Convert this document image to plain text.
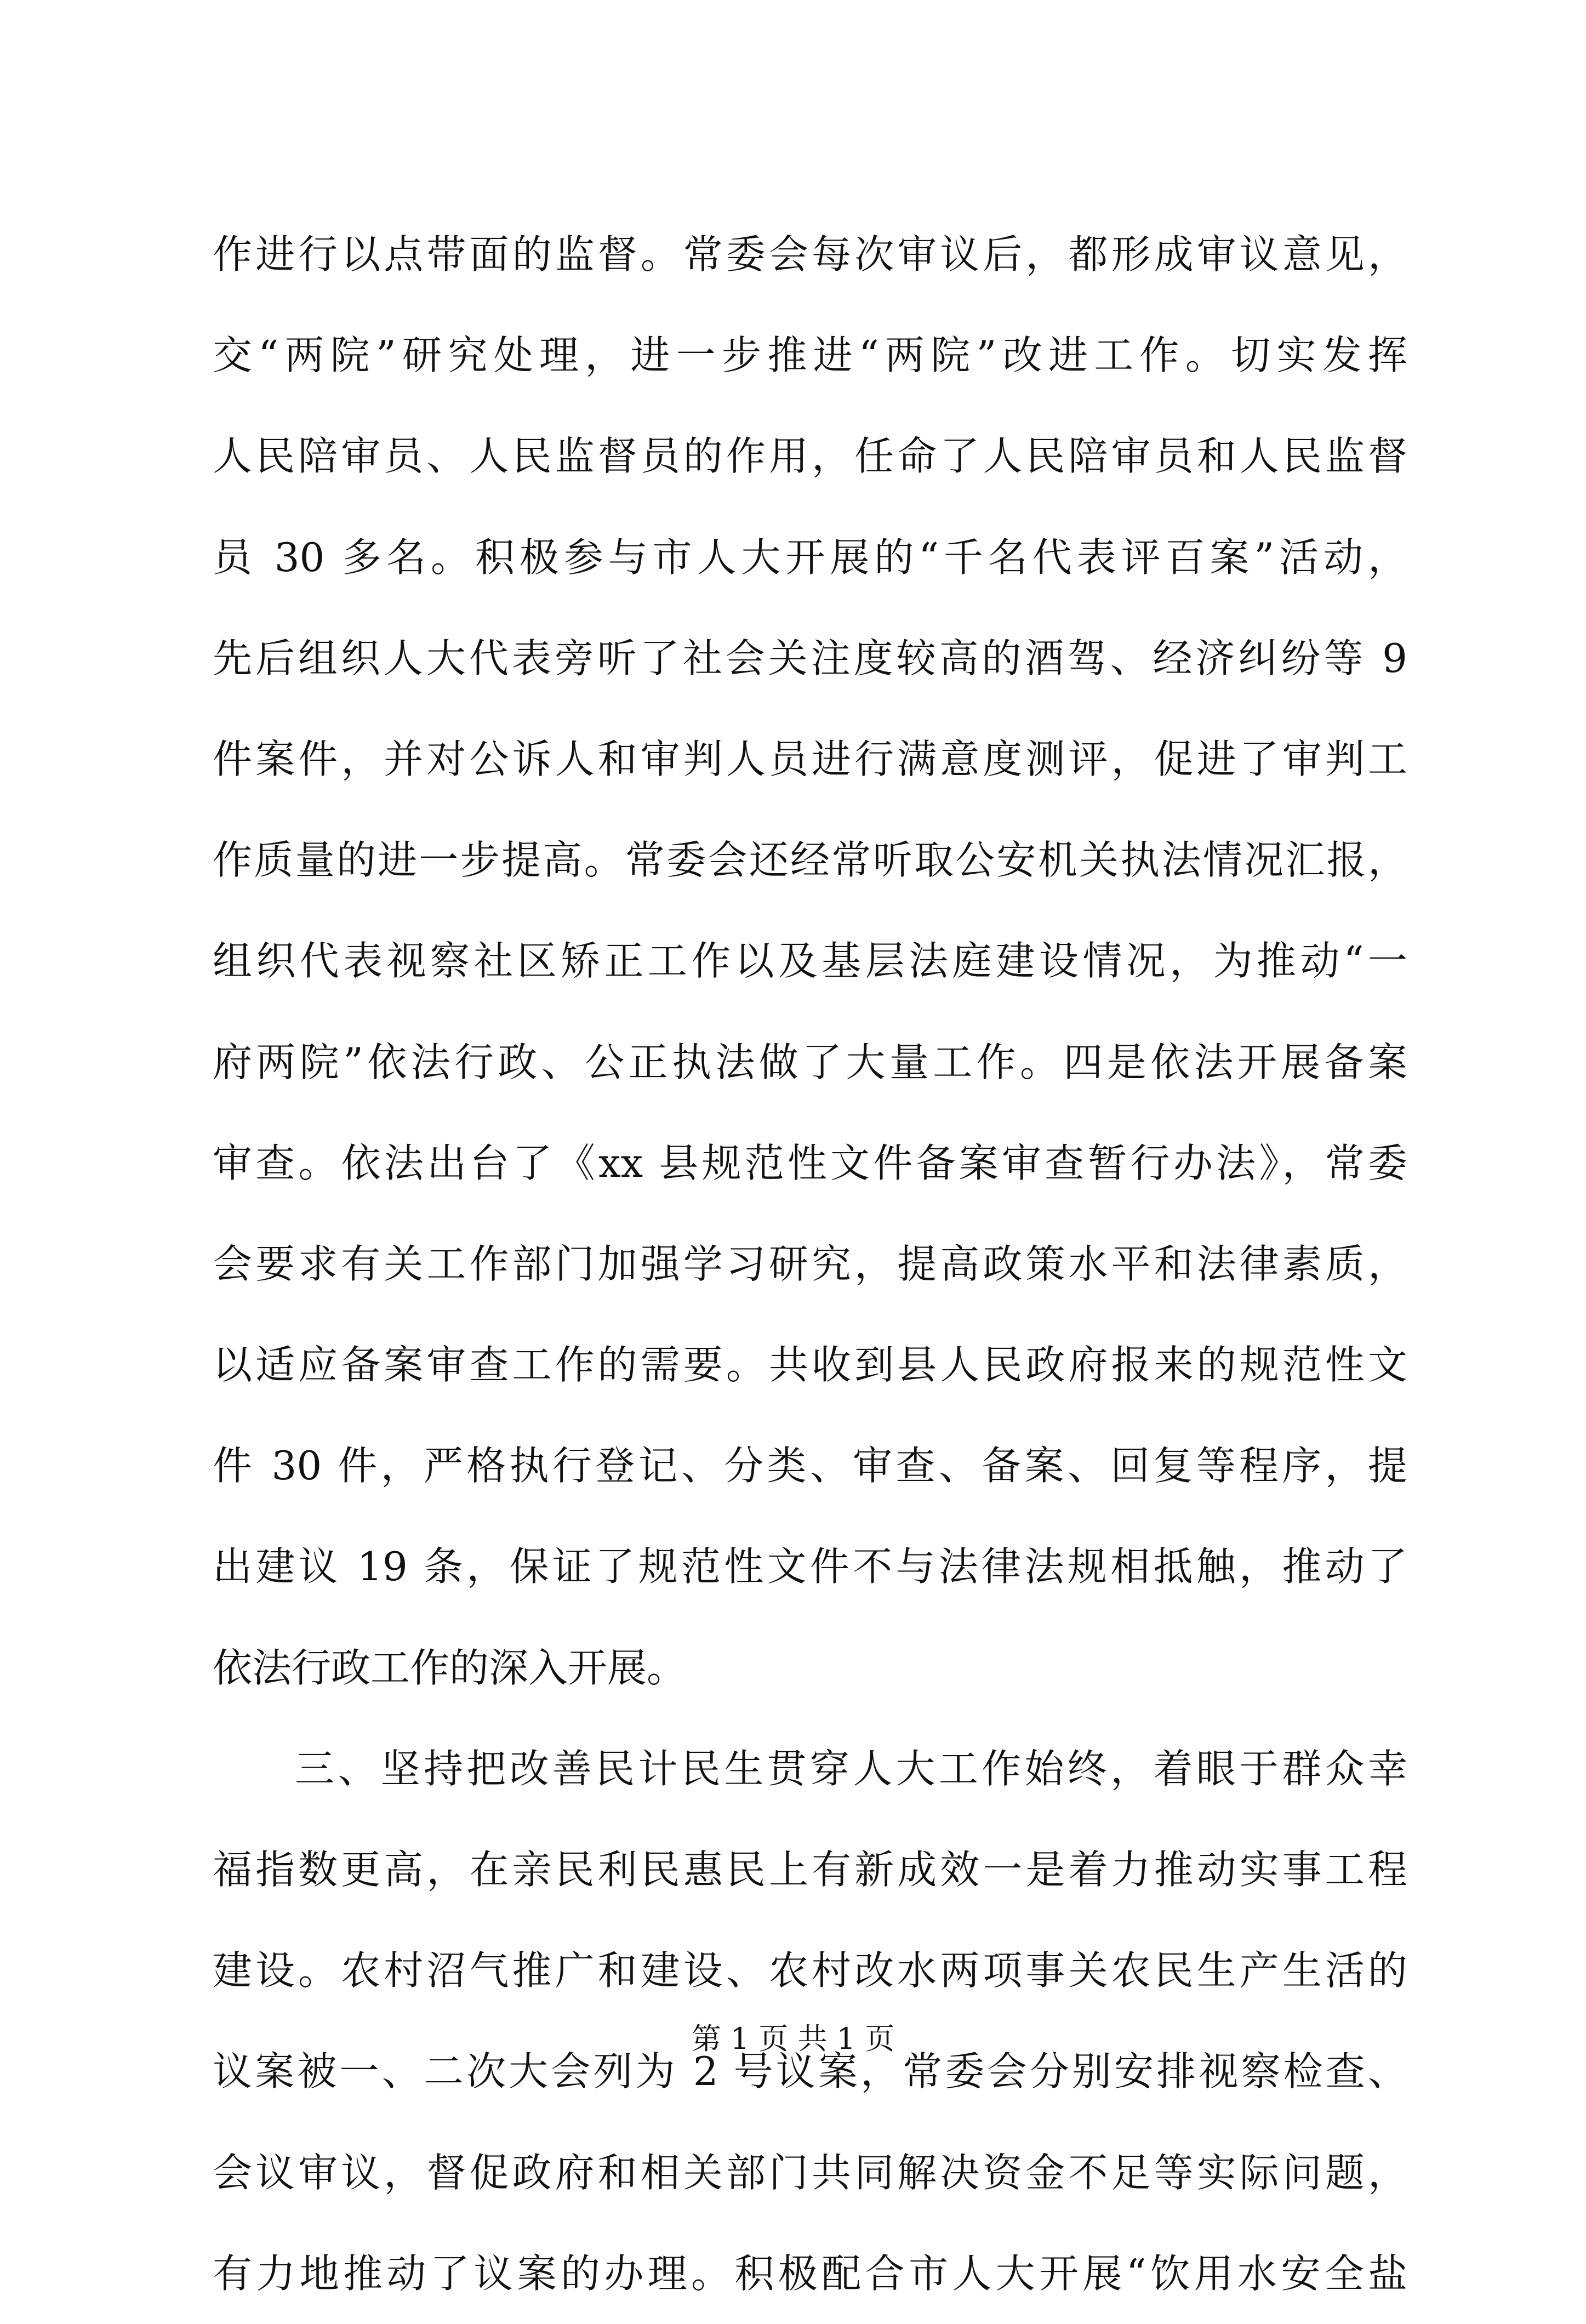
作进行以点带面的监督。常委会每次审议后，都形成审议意见，
交“两院”研究处理，进一步推进“两院”改进工作。切实发挥
人民陪审员、人民监督员的作用，任命了人民陪审员和人民监督
员 30 多名。积极参与市人大开展的“千名代表评百案”活动，
先后组织人大代表旁听了社会关注度较高的酒驾、经济纠纷等 9
件案件，并对公诉人和审判人员进行满意度测评，促进了审判工
作质量的进一步提高。常委会还经常听取公安机关执法情况汇报，
组织代表视察社区矫正工作以及基层法庭建设情况，为推动“一
府两院”依法行政、公正执法做了大量工作。四是依法开展备案
审查。依法出台了《xx 县规范性文件备案审查暂行办法》，常委
会要求有关工作部门加强学习研究，提高政策水平和法律素质，
以适应备案审查工作的需要。共收到县人民政府报来的规范性文
件 30 件，严格执行登记、分类、审查、备案、回复等程序，提
出建议 19 条，保证了规范性文件不与法律法规相抵触，推动了
依法行政工作的深入开展。
三、坚持把改善民计民生贯穿人大工作始终，着眼于群众幸
福指数更高，在亲民利民惠民上有新成效一是着力推动实事工程
建设。农村沼气推广和建设、农村改水两项事关农民生产生活的
议案被一、二次大会列为 2 号议案，常委会分别安排视察检查、
会议审议，督促政府和相关部门共同解决资金不足等实际问题，
有力地推动了议案的办理。积极配合市人大开展“饮用水安全盐
第 1 页 共 1 页
